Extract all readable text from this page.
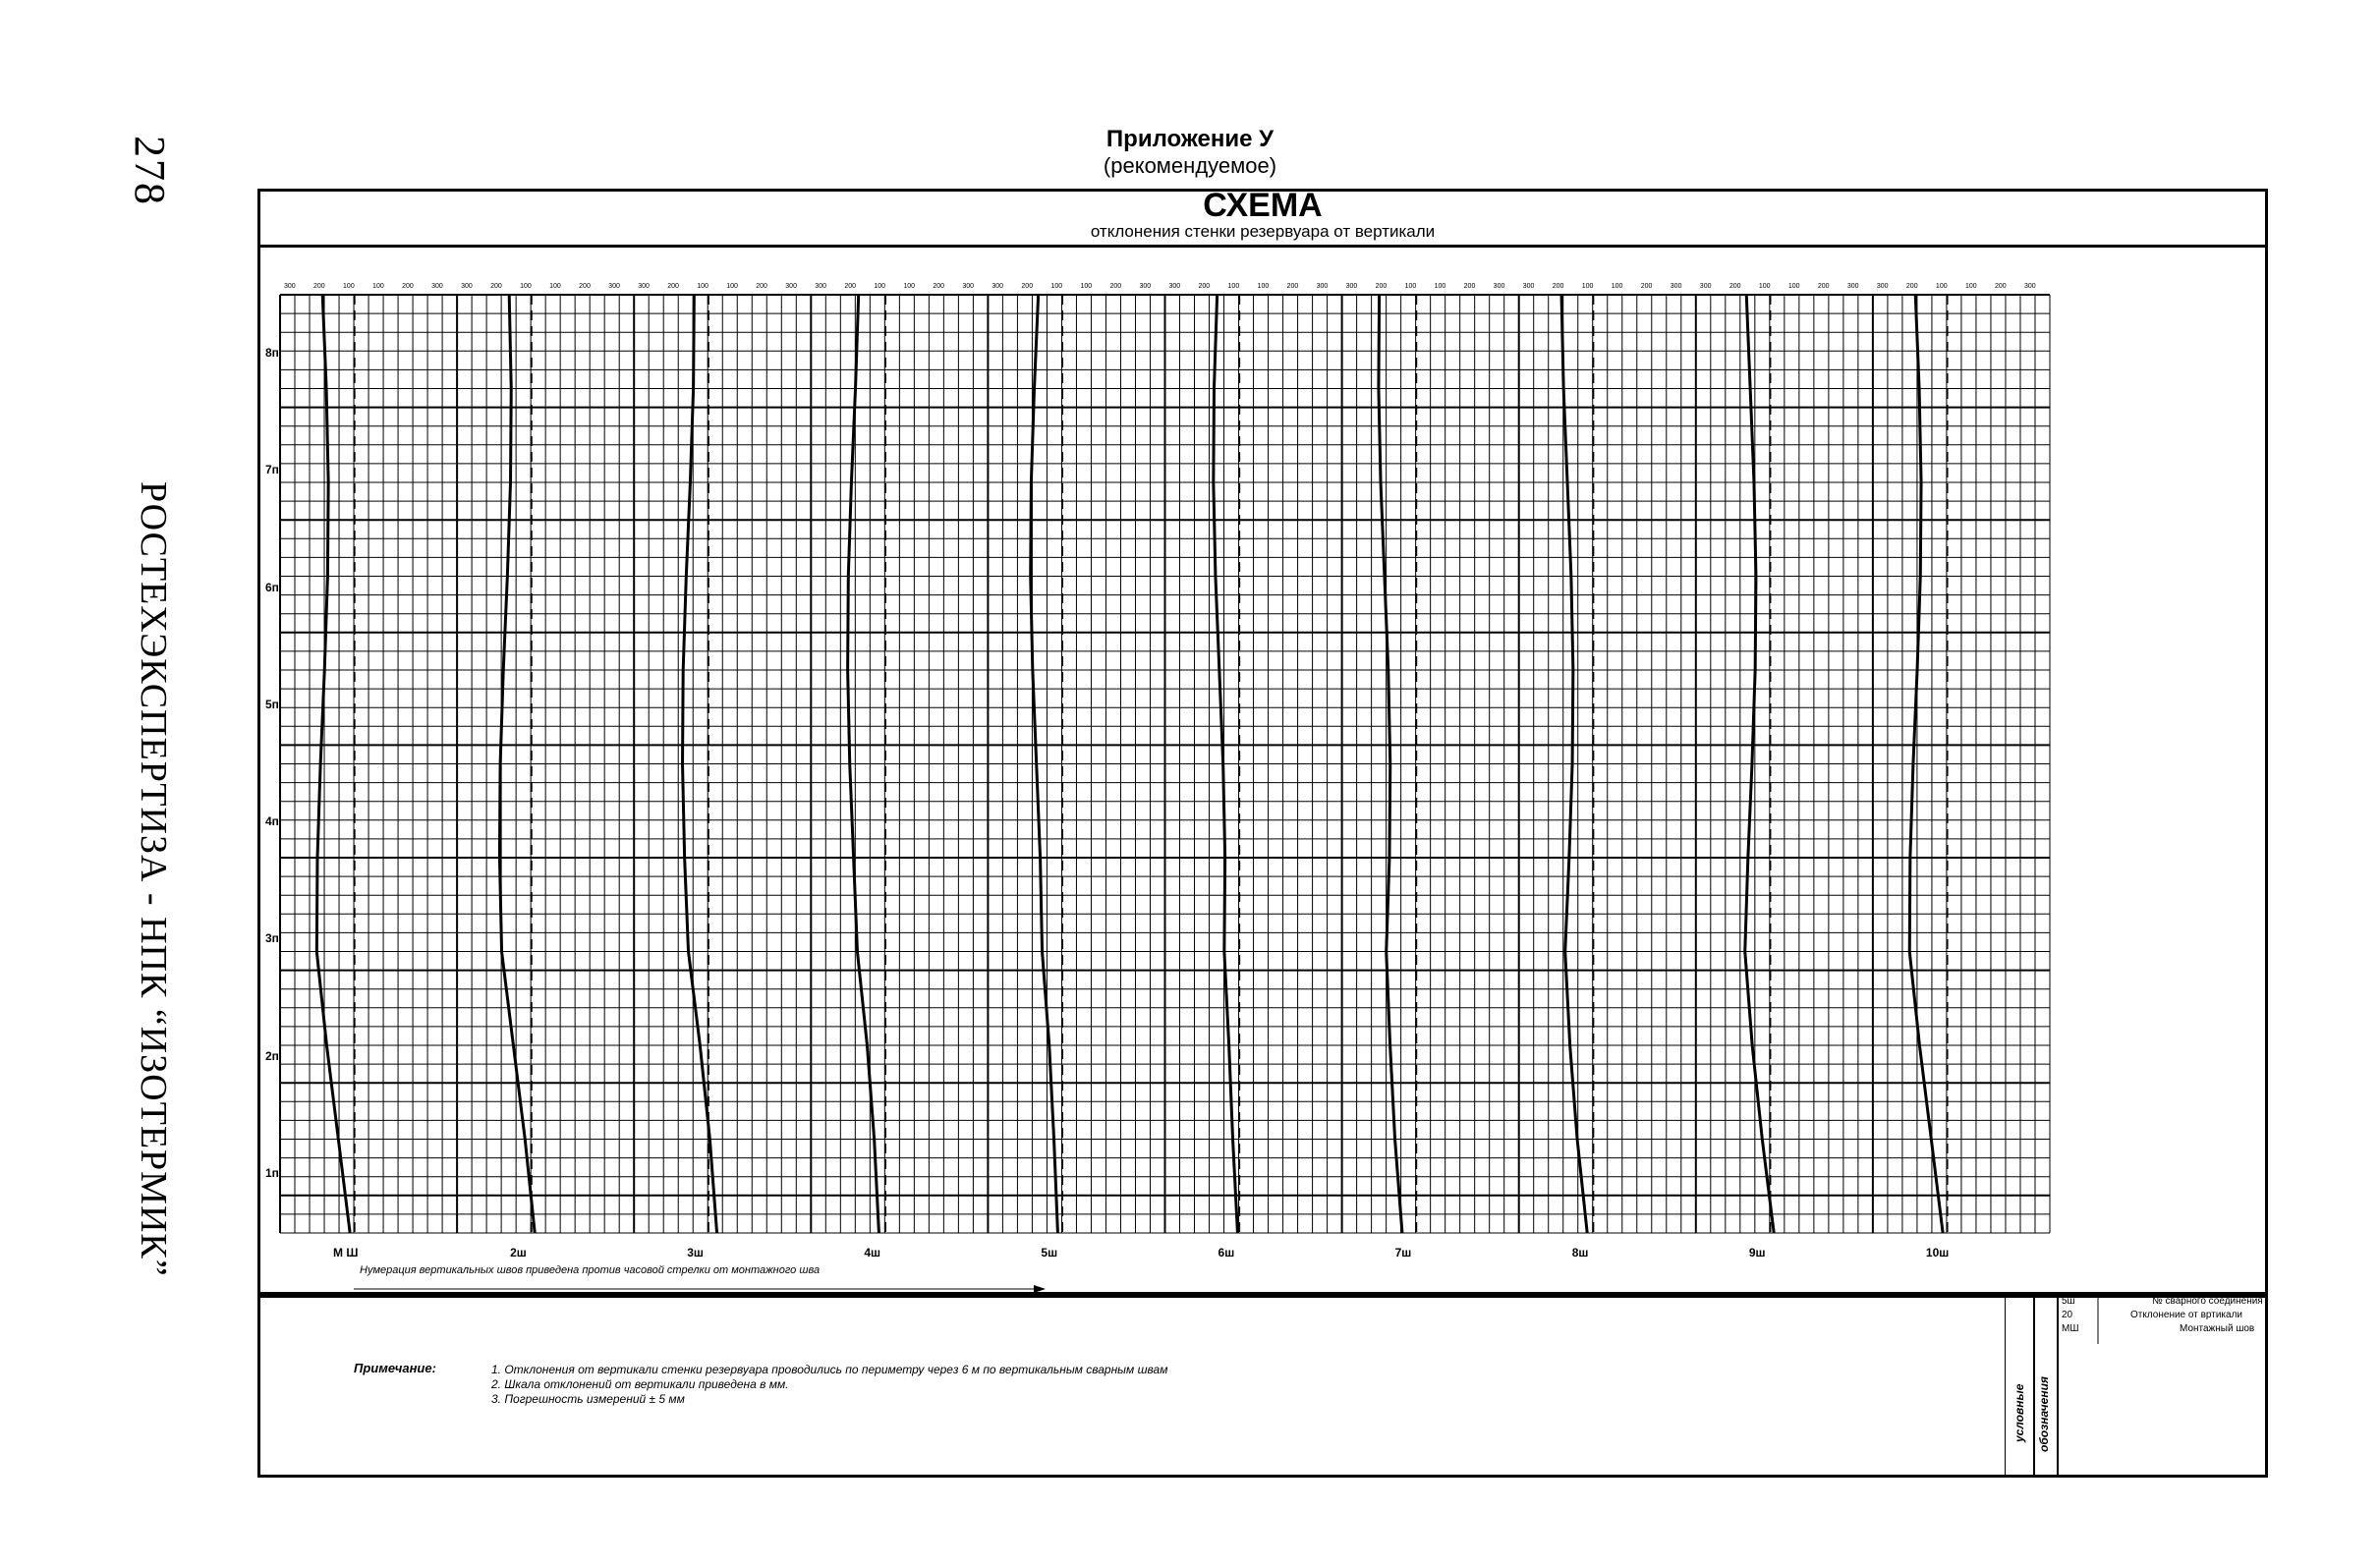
278
РОСТЕХЭКСПЕРТИЗА - НПК “ИЗОТЕРМИК”
Приложение У
(рекомендуемое)
СХЕМА
отклонения стенки резервуара от вертикали
300	200	100	100	200	300
М Ш
300	200	100	100	200	300
2ш
300	200	100	100	200	300
3ш
300	200	100	100	200	300
4ш
300	200	100	100	200	300
5ш
300	200	100	100	200	300
6ш
300	200	100	100	200	300
7ш
300	200	100	100	200	300
8ш
300	200	100	100	200	300
9ш
300	200	100	100	200	300
10ш
1п
2п
3п
4п
5п
6п
7п
8п
Нумерация вертикальных швов приведена против часовой стрелки от монтажного шва
Примечание:	1. Отклонения от вертикали стенки резервуара проводились по периметру через 6 м по вертикальным сварным швам
2. Шкала отклонений от вертикали приведена в мм.
3. Погрешность измерений ± 5 мм
5ш	№ сварного соединения
20	Отклонение от вртикали
МШ	Монтажный шов
условные обозначения
